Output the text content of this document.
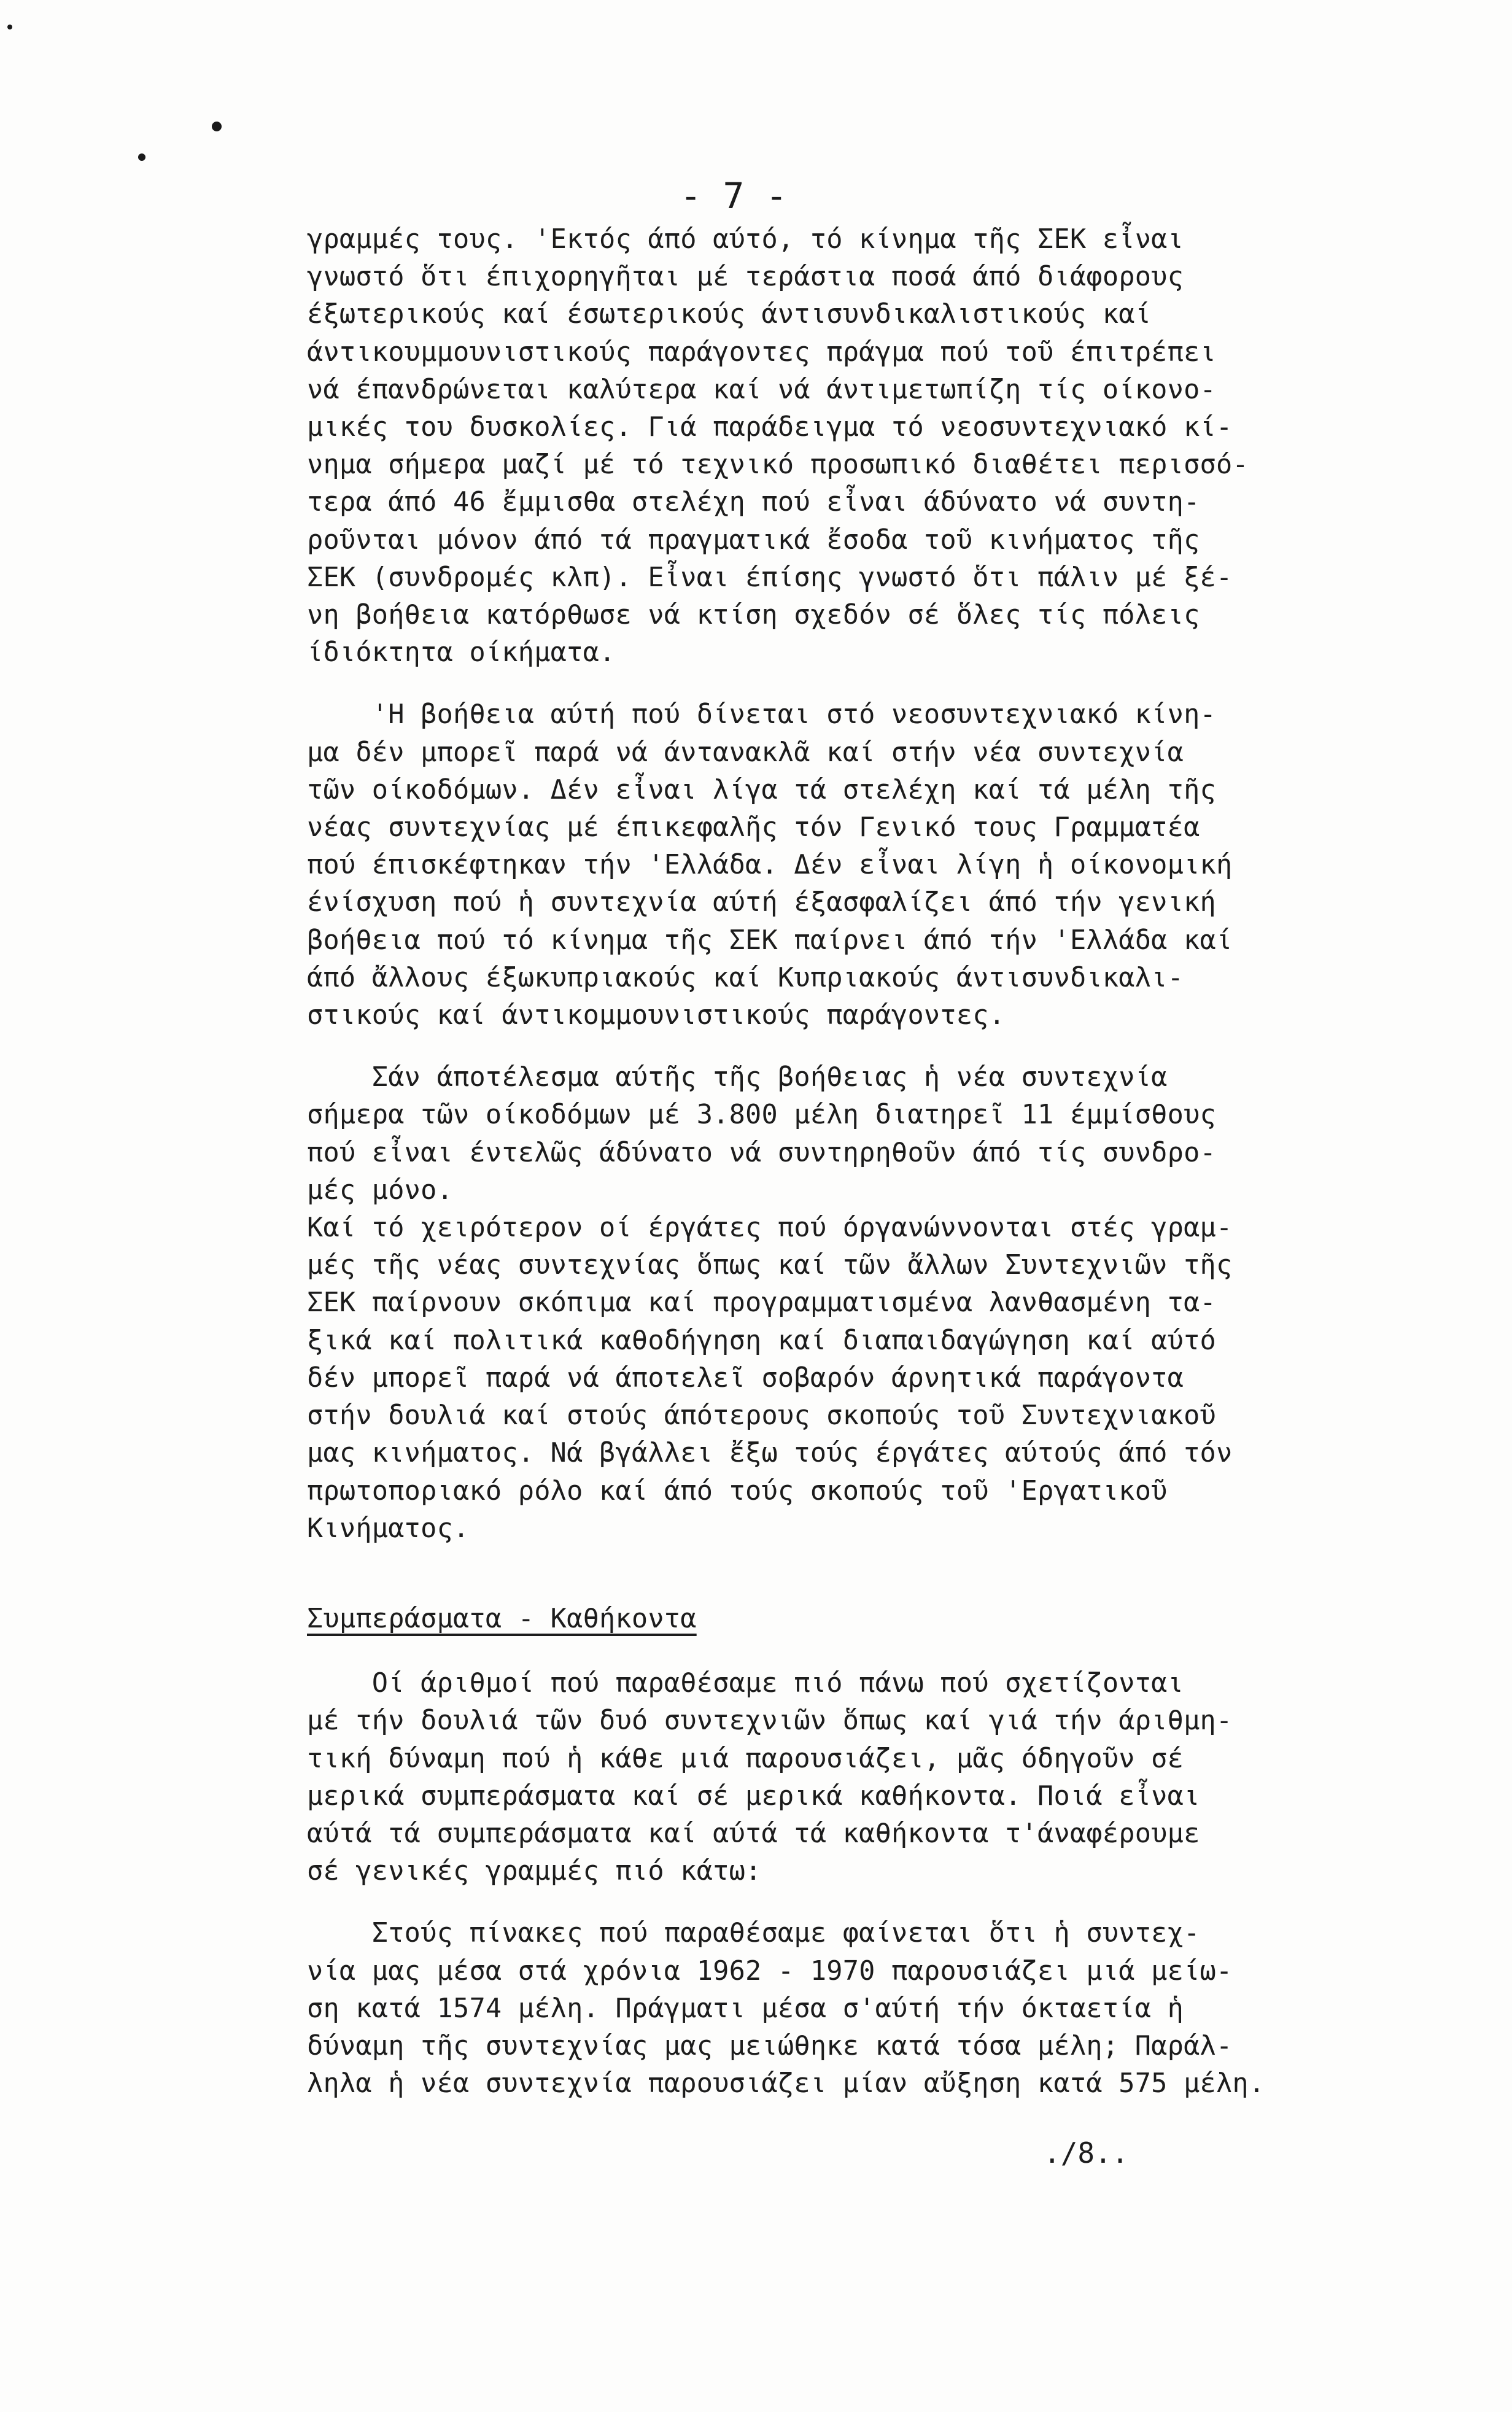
- 7 -

γραμμές τους. 'Εκτός άπό αύτό, τό κίνημα τῆς ΣΕΚ εἶναι
γνωστό ὅτι έπιχορηγῆται μέ τεράστια ποσά άπό διάφορους
έξωτερικούς καί έσωτερικούς άντισυνδικαλιστικούς καί
άντικουμμουνιστικούς παράγοντες πράγμα πού τοῦ έπιτρέπει
νά έπανδρώνεται καλύτερα καί νά άντιμετωπίζη τίς οίκονο-
μικές του δυσκολίες. Γιά παράδειγμα τό νεοσυντεχνιακό κί-
νημα σήμερα μαζί μέ τό τεχνικό προσωπικό διαθέτει περισσό-
τερα άπό 46 ἔμμισθα στελέχη πού εἶναι άδύνατο νά συντη-
ροῦνται μόνον άπό τά πραγματικά ἔσοδα τοῦ κινήματος τῆς
ΣΕΚ (συνδρομές κλπ). Εἶναι έπίσης γνωστό ὅτι πάλιν μέ ξέ-
νη βοήθεια κατόρθωσε νά κτίση σχεδόν σέ ὅλες τίς πόλεις
ίδιόκτητα οίκήματα.

'Η βοήθεια αύτή πού δίνεται στό νεοσυντεχνιακό κίνη-
μα δέν μπορεῖ παρά νά άντανακλᾶ καί στήν νέα συντεχνία
τῶν οίκοδόμων. Δέν εἶναι λίγα τά στελέχη καί τά μέλη τῆς
νέας συντεχνίας μέ έπικεφαλῆς τόν Γενικό τους Γραμματέα
πού έπισκέφτηκαν τήν 'Ελλάδα. Δέν εἶναι λίγη ἡ οίκονομική
ένίσχυση πού ἡ συντεχνία αύτή έξασφαλίζει άπό τήν γενική
βοήθεια πού τό κίνημα τῆς ΣΕΚ παίρνει άπό τήν 'Ελλάδα καί
άπό ἄλλους έξωκυπριακούς καί Κυπριακούς άντισυνδικαλι-
στικούς καί άντικομμουνιστικούς παράγοντες.

Σάν άποτέλεσμα αύτῆς τῆς βοήθειας ἡ νέα συντεχνία
σήμερα τῶν οίκοδόμων μέ 3.800 μέλη διατηρεῖ 11 έμμίσθους
πού εἶναι έντελῶς άδύνατο νά συντηρηθοῦν άπό τίς συνδρο-
μές μόνο.

Καί τό χειρότερον οί έργάτες πού όργανώννονται στές γραμ-
μές τῆς νέας συντεχνίας ὅπως καί τῶν ἄλλων Συντεχνιῶν τῆς
ΣΕΚ παίρνουν σκόπιμα καί προγραμματισμένα λανθασμένη τα-
ξικά καί πολιτικά καθοδήγηση καί διαπαιδαγώγηση καί αύτό
δέν μπορεῖ παρά νά άποτελεῖ σοβαρόν άρνητικά παράγοντα
στήν δουλιά καί στούς άπότερους σκοπούς τοῦ Συντεχνιακοῦ
μας κινήματος. Νά βγάλλει ἔξω τούς έργάτες αύτούς άπό τόν
πρωτοποριακό ρόλο καί άπό τούς σκοπούς τοῦ 'Εργατικοῦ
Κινήματος.

Συμπεράσματα - Καθήκοντα

Οί άριθμοί πού παραθέσαμε πιό πάνω πού σχετίζονται
μέ τήν δουλιά τῶν δυό συντεχνιῶν ὅπως καί γιά τήν άριθμη-
τική δύναμη πού ἡ κάθε μιά παρουσιάζει, μᾶς όδηγοῦν σέ
μερικά συμπεράσματα καί σέ μερικά καθήκοντα. Ποιά εἶναι
αύτά τά συμπεράσματα καί αύτά τά καθήκοντα τ'άναφέρουμε
σέ γενικές γραμμές πιό κάτω:

Στούς πίνακες πού παραθέσαμε φαίνεται ὅτι ἡ συντεχ-
νία μας μέσα στά χρόνια 1962 - 1970 παρουσιάζει μιά μείω-
ση κατά 1574 μέλη. Πράγματι μέσα σ'αύτή τήν όκταετία ἡ
δύναμη τῆς συντεχνίας μας μειώθηκε κατά τόσα μέλη; Παράλ-
ληλα ἡ νέα συντεχνία παρουσιάζει μίαν αὔξηση κατά 575 μέλη.

./8..
